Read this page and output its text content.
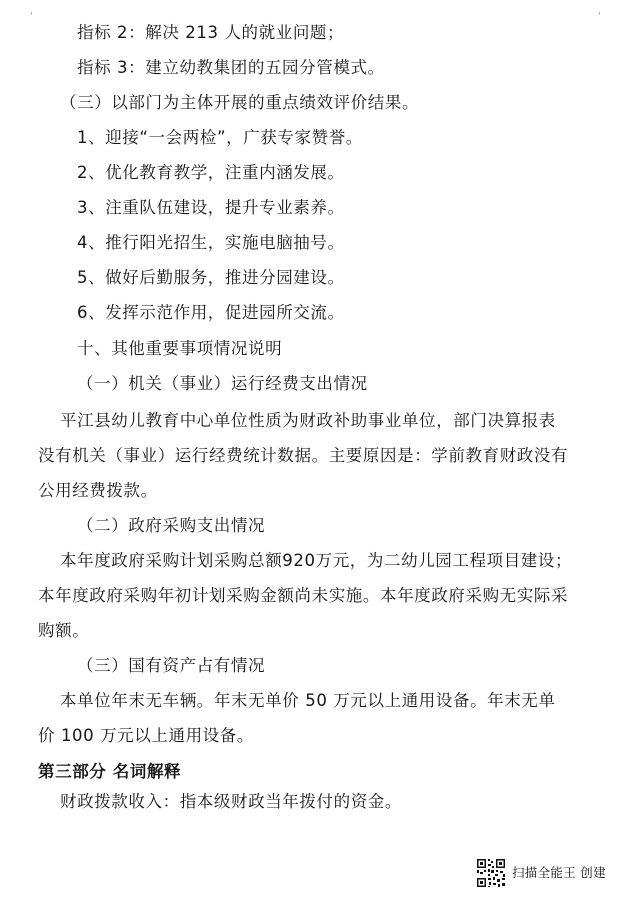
'	'
指标 2：解决 213 人的就业问题；
指标 3：建立幼教集团的五园分管模式。
（三）以部门为主体开展的重点绩效评价结果。
1、迎接“一会两检”，广获专家赞誉。
2、优化教育教学，注重内涵发展。
3、注重队伍建设，提升专业素养。
4、推行阳光招生，实施电脑抽号。
5、做好后勤服务，推进分园建设。
6、发挥示范作用，促进园所交流。
十、其他重要事项情况说明
（一）机关（事业）运行经费支出情况
平江县幼儿教育中心单位性质为财政补助事业单位，部门决算报表
没有机关（事业）运行经费统计数据。主要原因是：学前教育财政没有
公用经费拨款。
（二）政府采购支出情况
本年度政府采购计划采购总额920万元，为二幼儿园工程项目建设；
本年度政府采购年初计划采购金额尚未实施。本年度政府采购无实际采
购额。
（三）国有资产占有情况
本单位年末无车辆。年末无单价 50 万元以上通用设备。年末无单
价 100 万元以上通用设备。
第三部分 名词解释
财政拨款收入：指本级财政当年拨付的资金。
扫描全能王 创建
